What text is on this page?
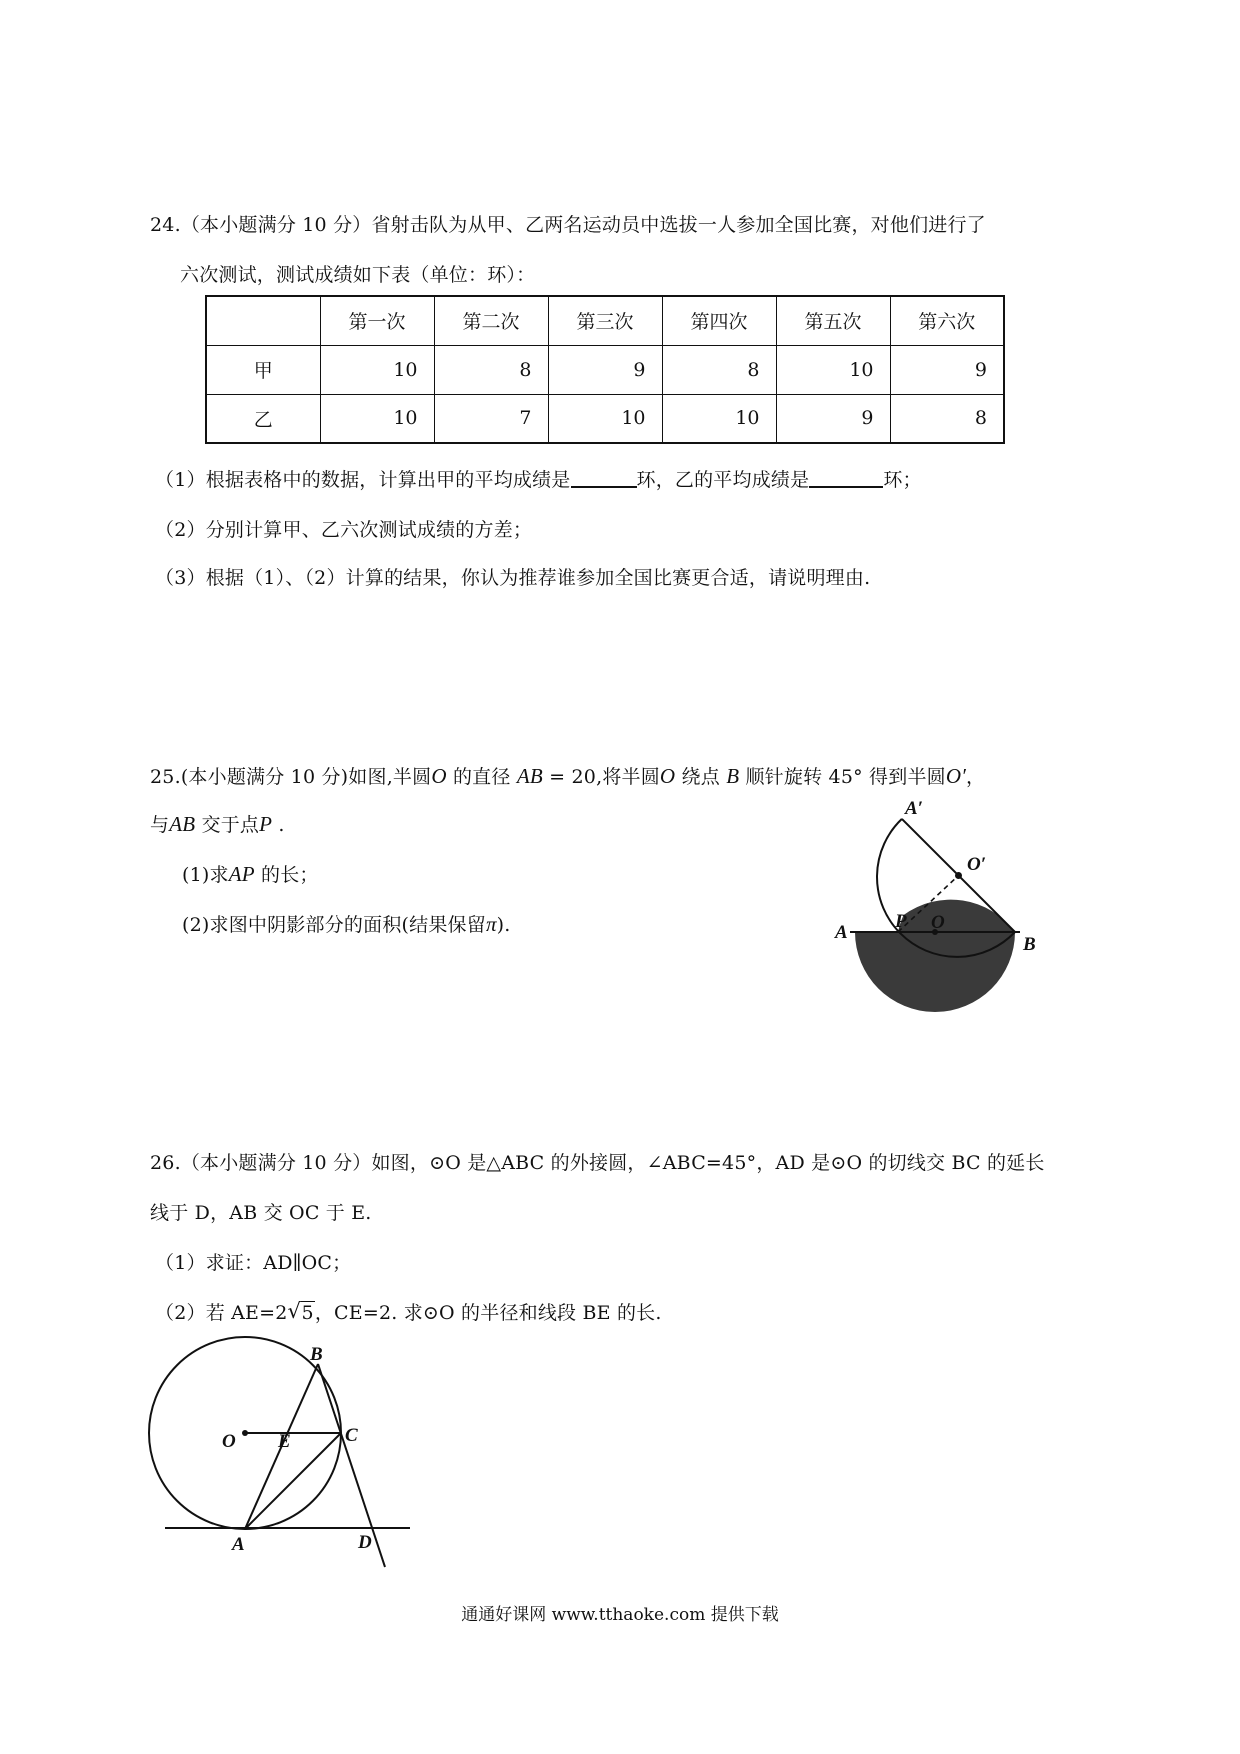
24.（本小题满分 10 分）省射击队为从甲、乙两名运动员中选拔一人参加全国比赛，对他们进行了
六次测试，测试成绩如下表（单位：环）：
	第一次	第二次	第三次	第四次	第五次	第六次
甲	10	8	9	8	10	9
乙	10	7	10	10	9	8
（1）根据表格中的数据，计算出甲的平均成绩是	环，乙的平均成绩是	环；
（2）分别计算甲、乙六次测试成绩的方差；
（3）根据（1）、（2）计算的结果，你认为推荐谁参加全国比赛更合适，请说明理由.
25.(本小题满分 10 分)如图,半圆O 的直径 AB = 20,将半圆O 绕点 B 顺针旋转 45° 得到半圆O′，
与AB 交于点P .
(1)求AP 的长；
(2)求图中阴影部分的面积(结果保留π).	A
B
P O
A′
O′
26.（本小题满分 10 分）如图，⊙O 是△ABC 的外接圆，∠ABC=45°，AD 是⊙O 的切线交 BC 的延长
线于 D，AB 交 OC 于 E.
（1）求证：AD∥OC；
（2）若 AE=2 √ 5，CE=2. 求⊙O 的半径和线段 BE 的长.
B
C
O E
A	D
通通好课网 www.tthaoke.com 提供下载
